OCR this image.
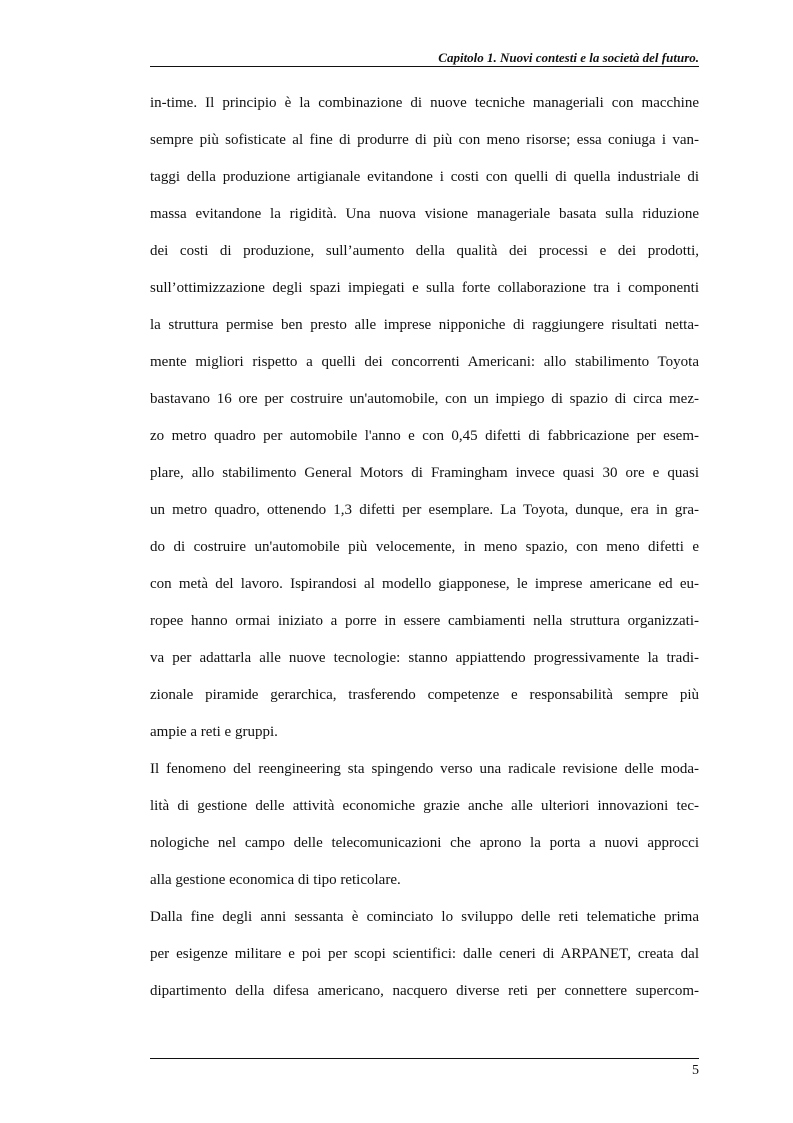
Capitolo 1. Nuovi contesti e la società del futuro.
in-time. Il principio è la combinazione di nuove tecniche manageriali con macchine
sempre più sofisticate al fine di produrre di più con meno risorse; essa coniuga i van-
taggi della produzione artigianale evitandone i costi con quelli di quella industriale di
massa evitandone la rigidità. Una nuova visione manageriale basata sulla riduzione
dei costi di produzione, sull’aumento della qualità dei processi e dei prodotti,
sull’ottimizzazione degli spazi impiegati e sulla forte collaborazione tra i componenti
la struttura permise ben presto alle imprese nipponiche di raggiungere risultati netta-
mente migliori rispetto a quelli dei concorrenti Americani: allo stabilimento Toyota
bastavano 16 ore per costruire un'automobile, con un impiego di spazio di circa mez-
zo metro quadro per automobile l'anno e con 0,45 difetti di fabbricazione per esem-
plare, allo stabilimento General Motors di Framingham invece quasi 30 ore e quasi
un metro quadro, ottenendo 1,3 difetti per esemplare. La Toyota, dunque, era in gra-
do di costruire un'automobile più velocemente, in meno spazio, con meno difetti e
con metà del lavoro. Ispirandosi al modello giapponese, le imprese americane ed eu-
ropee hanno ormai iniziato a porre in essere cambiamenti nella struttura organizzati-
va per adattarla alle nuove tecnologie: stanno appiattendo progressivamente la tradi-
zionale piramide gerarchica, trasferendo competenze e responsabilità sempre più
ampie a reti e gruppi.
Il fenomeno del reengineering sta spingendo verso una radicale revisione delle moda-
lità di gestione delle attività economiche grazie anche alle ulteriori innovazioni tec-
nologiche nel campo delle telecomunicazioni che aprono la porta a nuovi approcci
alla gestione economica di tipo reticolare.
Dalla fine degli anni sessanta è cominciato lo sviluppo delle reti telematiche prima
per esigenze militare e poi per scopi scientifici: dalle ceneri di ARPANET, creata dal
dipartimento della difesa americano, nacquero diverse reti per connettere supercom-
5
